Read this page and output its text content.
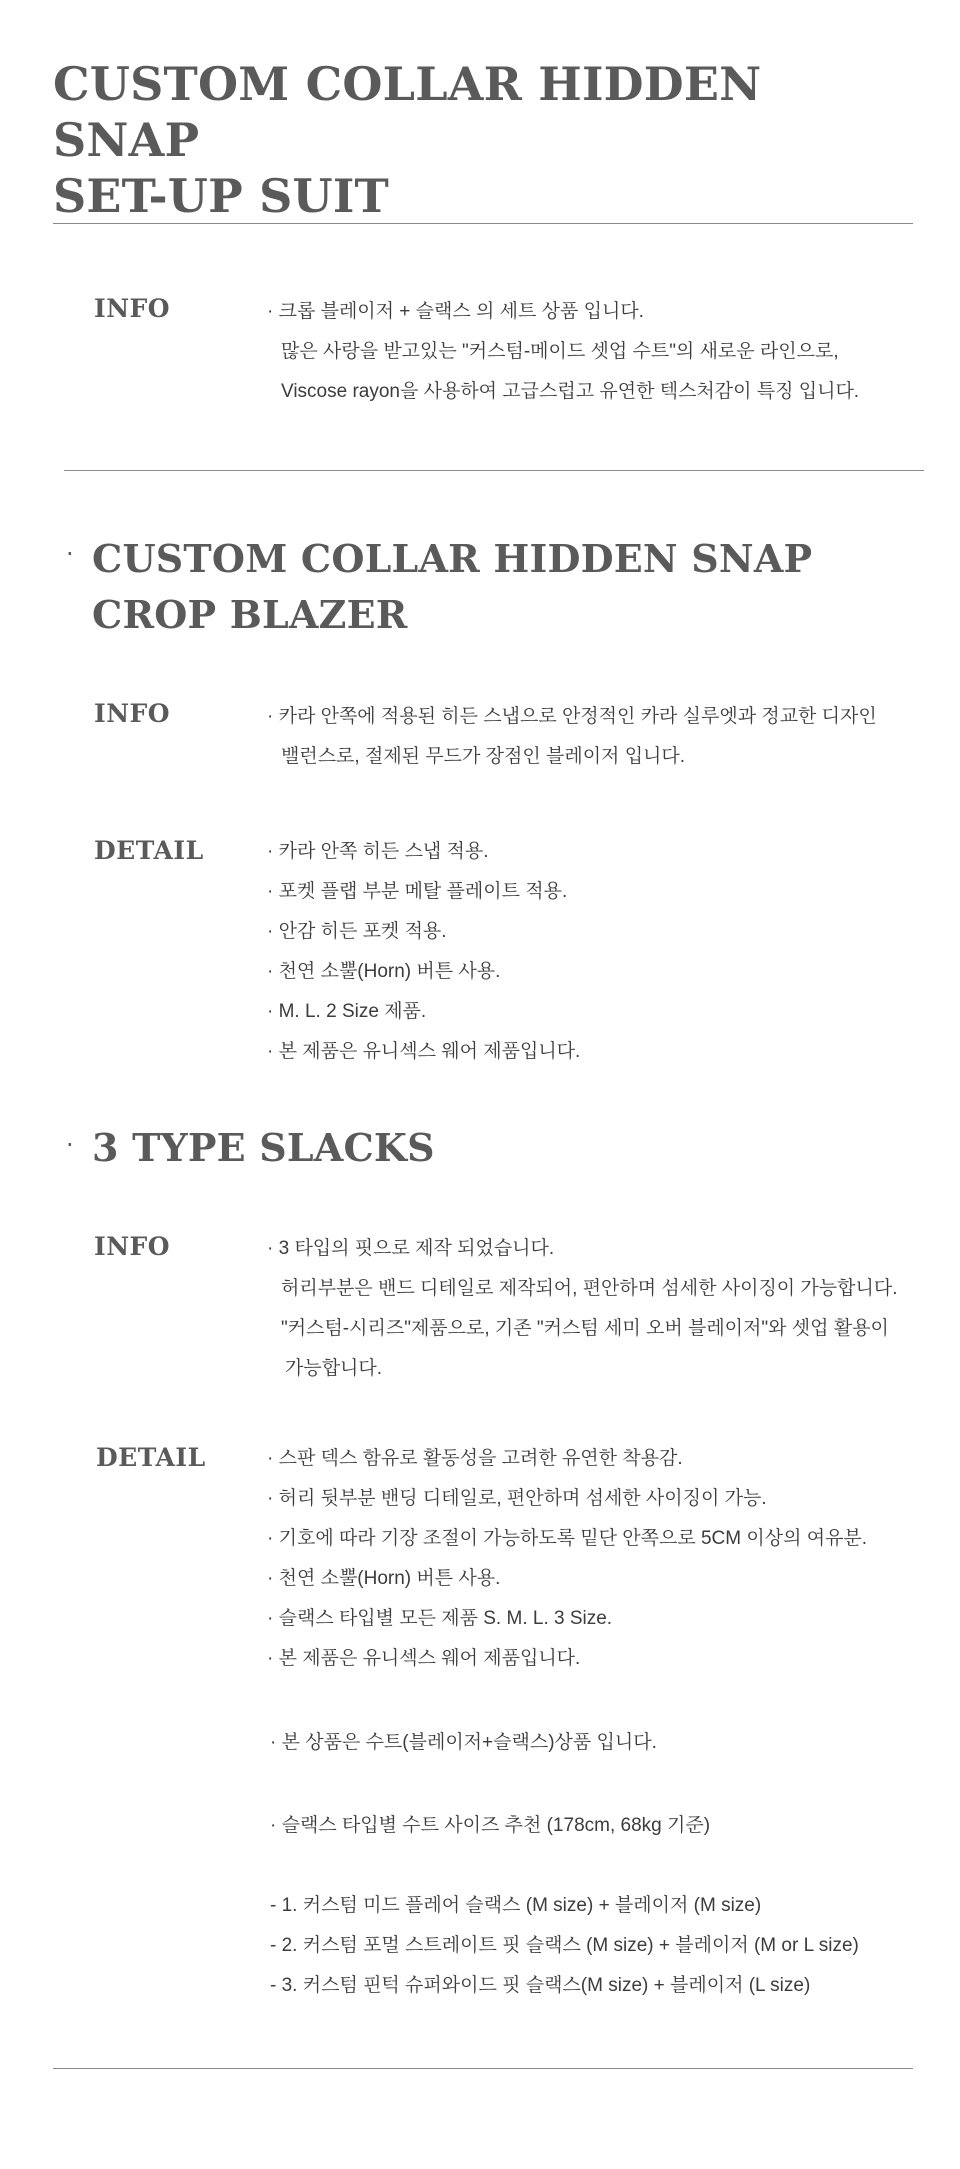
CUSTOM COLLAR HIDDEN SNAP
SET-UP SUIT
INFO	· 크롭 블레이저 + 슬랙스 의 세트 상품 입니다.
많은 사랑을 받고있는 "커스텀-메이드 셋업 수트"의 새로운 라인으로,
Viscose rayon을 사용하여 고급스럽고 유연한 텍스처감이 특징 입니다.
· CUSTOM COLLAR HIDDEN SNAP
CROP BLAZER
INFO	· 카라 안쪽에 적용된 히든 스냅으로 안정적인 카라 실루엣과 정교한 디자인
밸런스로, 절제된 무드가 장점인 블레이저 입니다.
DETAIL	· 카라 안쪽 히든 스냅 적용.
· 포켓 플랩 부분 메탈 플레이트 적용.
· 안감 히든 포켓 적용.
· 천연 소뿔(Horn) 버튼 사용.
· M. L. 2 Size 제품.
· 본 제품은 유니섹스 웨어 제품입니다.
· 3 TYPE SLACKS
INFO	· 3 타입의 핏으로 제작 되었습니다.
허리부분은 밴드 디테일로 제작되어, 편안하며 섬세한 사이징이 가능합니다.
"커스텀-시리즈"제품으로, 기존 "커스텀 세미 오버 블레이저"와 셋업 활용이
가능합니다.
DETAIL	· 스판 덱스 함유로 활동성을 고려한 유연한 착용감.
· 허리 뒷부분 밴딩 디테일로, 편안하며 섬세한 사이징이 가능.
· 기호에 따라 기장 조절이 가능하도록 밑단 안쪽으로 5CM 이상의 여유분.
· 천연 소뿔(Horn) 버튼 사용.
· 슬랙스 타입별 모든 제품 S. M. L. 3 Size.
· 본 제품은 유니섹스 웨어 제품입니다.
· 본 상품은 수트(블레이저+슬랙스)상품 입니다.
· 슬랙스 타입별 수트 사이즈 추천 (178cm, 68kg 기준)
- 1. 커스텀 미드 플레어 슬랙스 (M size) + 블레이저 (M size)
- 2. 커스텀 포멀 스트레이트 핏 슬랙스 (M size) + 블레이저 (M or L size)
- 3. 커스텀 핀턱 슈퍼와이드 핏 슬랙스(M size) + 블레이저 (L size)
